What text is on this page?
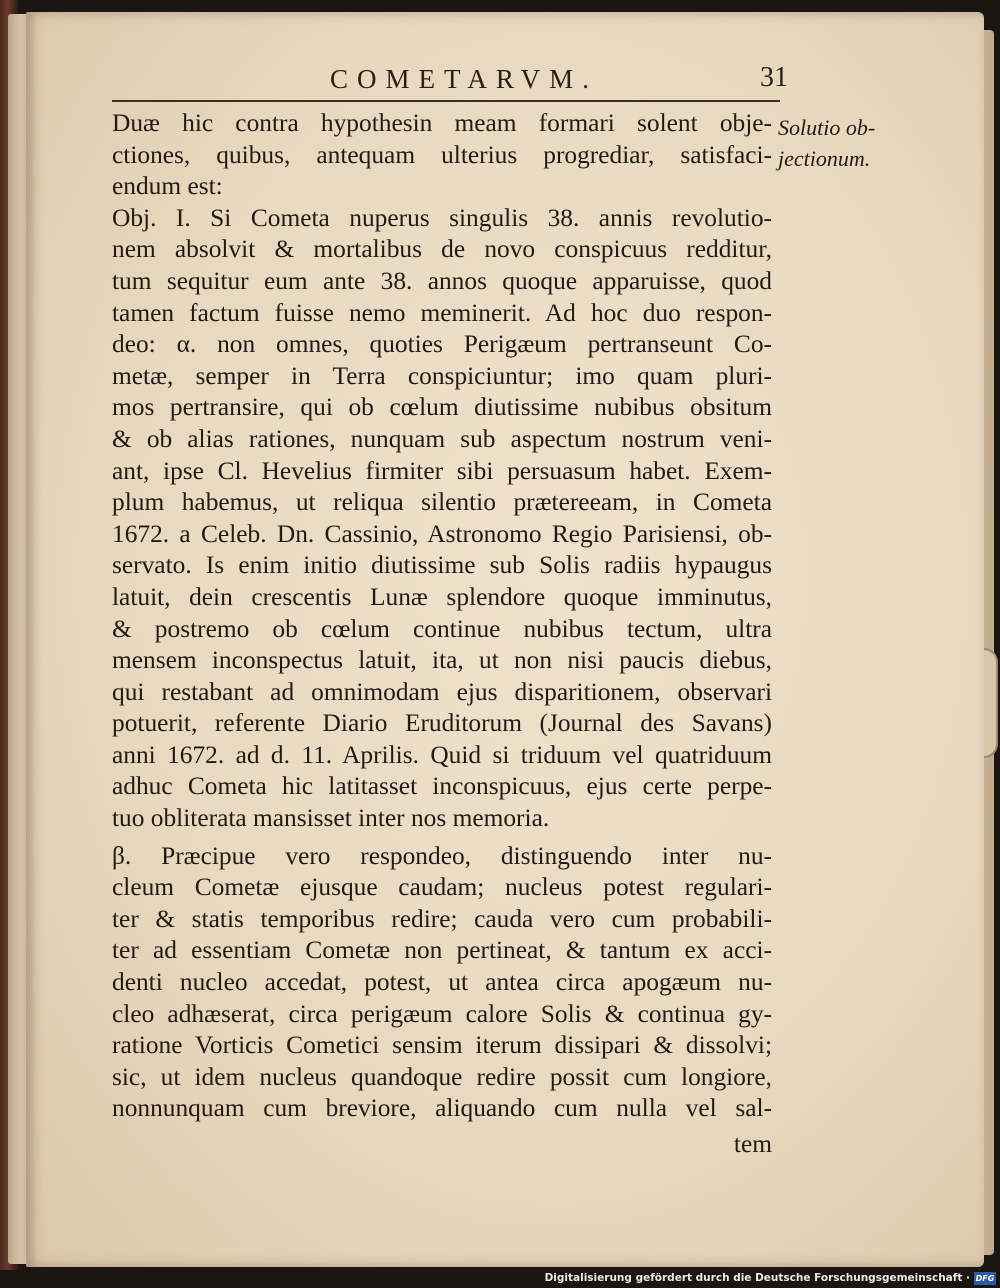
COMETARVM.	31
Solutio ob-
jectionum.
Duæ hic contra hypothesin meam formari solent obje-
ctiones, quibus, antequam ulterius progrediar, satisfaci-
endum est:
Obj. I. Si Cometa nuperus singulis 38. annis revolutio-
nem absolvit & mortalibus de novo conspicuus redditur,
tum sequitur eum ante 38. annos quoque apparuisse, quod
tamen factum fuisse nemo meminerit. Ad hoc duo respon-
deo: α. non omnes, quoties Perigæum pertranseunt Co-
metæ, semper in Terra conspiciuntur; imo quam pluri-
mos pertransire, qui ob cœlum diutissime nubibus obsitum
& ob alias rationes, nunquam sub aspectum nostrum veni-
ant, ipse Cl. Hevelius firmiter sibi persuasum habet. Exem-
plum habemus, ut reliqua silentio prætereeam, in Cometa
1672. a Celeb. Dn. Cassinio, Astronomo Regio Parisiensi, ob-
servato. Is enim initio diutissime sub Solis radiis hypaugus
latuit, dein crescentis Lunæ splendore quoque imminutus,
& postremo ob cœlum continue nubibus tectum, ultra
mensem inconspectus latuit, ita, ut non nisi paucis diebus,
qui restabant ad omnimodam ejus disparitionem, observari
potuerit, referente Diario Eruditorum (Journal des Savans)
anni 1672. ad d. 11. Aprilis. Quid si triduum vel quatriduum
adhuc Cometa hic latitasset inconspicuus, ejus certe perpe-
tuo obliterata mansisset inter nos memoria.
β. Præcipue vero respondeo, distinguendo inter nu-
cleum Cometæ ejusque caudam; nucleus potest regulari-
ter & statis temporibus redire; cauda vero cum probabili-
ter ad essentiam Cometæ non pertineat, & tantum ex acci-
denti nucleo accedat, potest, ut antea circa apogæum nu-
cleo adhæserat, circa perigæum calore Solis & continua gy-
ratione Vorticis Cometici sensim iterum dissipari & dissolvi;
sic, ut idem nucleus quandoque redire possit cum longiore,
nonnunquam cum breviore, aliquando cum nulla vel sal-
tem
Digitalisierung gefördert durch die Deutsche Forschungsgemeinschaft · DFG
